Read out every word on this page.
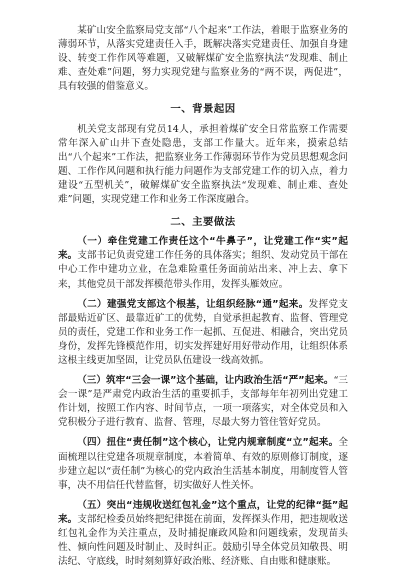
某矿山安全监察局党支部“八个起来”工作法，着眼于监察业务的薄弱环节，从落实党建责任入手，既解决落实党建责任、加强自身建设、转变工作作风等难题，又破解煤矿安全监察执法“发现难、制止难、查处难”问题，努力实现党建与监察业务的“两不误，两促进”，具有较强的借鉴意义。

一、背景起因

机关党支部现有党员14人，承担着煤矿安全日常监察工作需要常年深入矿山井下查处隐患，支部工作量大。近年来，摸索总结出“八个起来”工作法，把监察业务工作薄弱环节作为党员思想观念问题、工作作风问题和执行能力问题作为支部党建工作的切入点，着力建设“五型机关”，破解煤矿安全监察执法“发现难、制止难、查处难”问题，实现党建工作和业务工作深度融合。

二、主要做法

（一）牵住党建工作责任这个“牛鼻子”，让党建工作“实”起来。支部书记负责党建工作任务的具体落实；组织、发动党员干部在中心工作中建功立业，在急难险重任务面前站出来、冲上去、拿下来，其他党员干部发挥模范带头作用，发挥头雁效应。

（二）建强党支部这个根基，让组织经脉“通”起来。发挥党支部最贴近矿区、最靠近矿工的优势，自觉承担起教育、监督、管理党员的责任，党建工作和业务工作一起抓、互促进、相融合，突出党员身份，发挥先锋模范作用，切实发挥建好用好带动作用，让组织体系这根主线更加坚固，让党员队伍建设一线高效抓。

（三）筑牢“三会一课”这个基础，让内政治生活“严”起来。“三会一课”是严肃党内政治生活的重要抓手，支部每年年初列出党建工作计划，按照工作内容、时间节点，一项一项落实，对全体党员和入党积极分子进行教育、监督、管理，尽最大努力管住管好党员。

（四）扭住“责任制”这个核心，让党内规章制度“立”起来。全面梳理以往党建各项规章制度，本着简单、有效的原则修订制度，逐步建立起以“责任制”为核心的党内政治生活基本制度，用制度管人管事，决不用信任代替监督，切实做好人性关怀。

（五）突出“违规收送红包礼金”这个重点，让党的纪律“挺”起来。支部纪检委员始终把纪律挺在前面，发挥探头作用，把违规收送红包礼金作为关注重点，及时捕捉廉政风险和问题线索，发现苗头性、倾向性问题及时制止、及时纠正。鼓励引导全体党员知敬畏、明法纪、守底线，时时刻刻算好政治账、经济账、自由账和健康账。
